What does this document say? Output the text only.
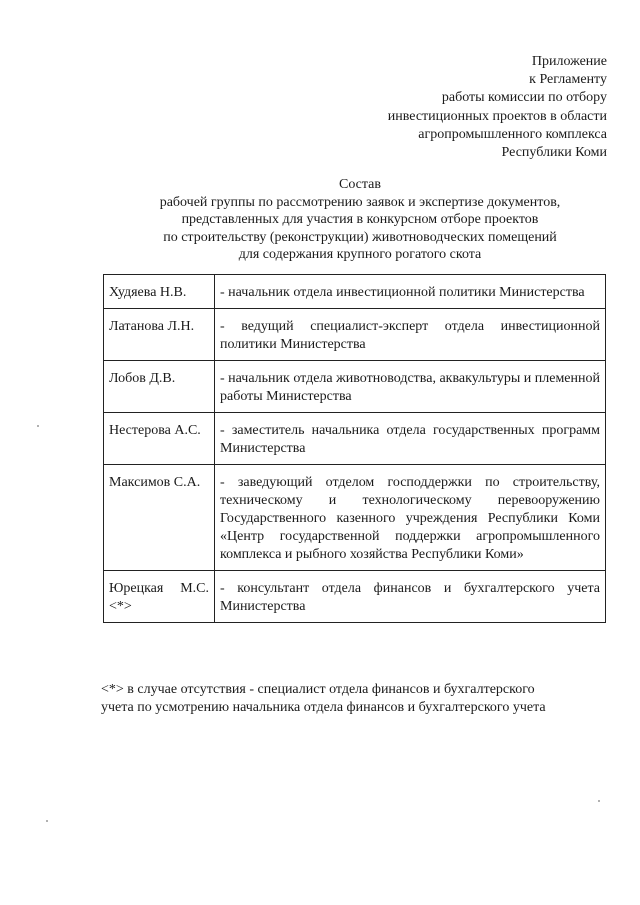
Приложение
к Регламенту
работы комиссии по отбору
инвестиционных проектов в области
агропромышленного комплекса
Республики Коми
Состав
рабочей группы по рассмотрению заявок и экспертизе документов,
представленных для участия в конкурсном отборе проектов
по строительству (реконструкции) животноводческих помещений
для содержания крупного рогатого скота
Худяева Н.В.	- начальник отдела инвестиционной политики Министерства
Латанова Л.Н.	- ведущий специалист-эксперт отдела инвестиционной политики Министерства
Лобов Д.В.	- начальник отдела животноводства, аквакультуры и племенной работы Министерства
Нестерова А.С.	- заместитель начальника отдела государственных программ Министерства
Максимов С.А.	- заведующий отделом господдержки по строительству, техническому и технологическому перевооружению Государственного казенного учреждения Республики Коми «Центр государственной поддержки агропромышленного комплекса и рыбного хозяйства Республики Коми»
Юрецкая М.С. <*>	- консультант отдела финансов и бухгалтерского учета Министерства
<*> в случае отсутствия - специалист отдела финансов и бухгалтерского
учета по усмотрению начальника отдела финансов и бухгалтерского учета
